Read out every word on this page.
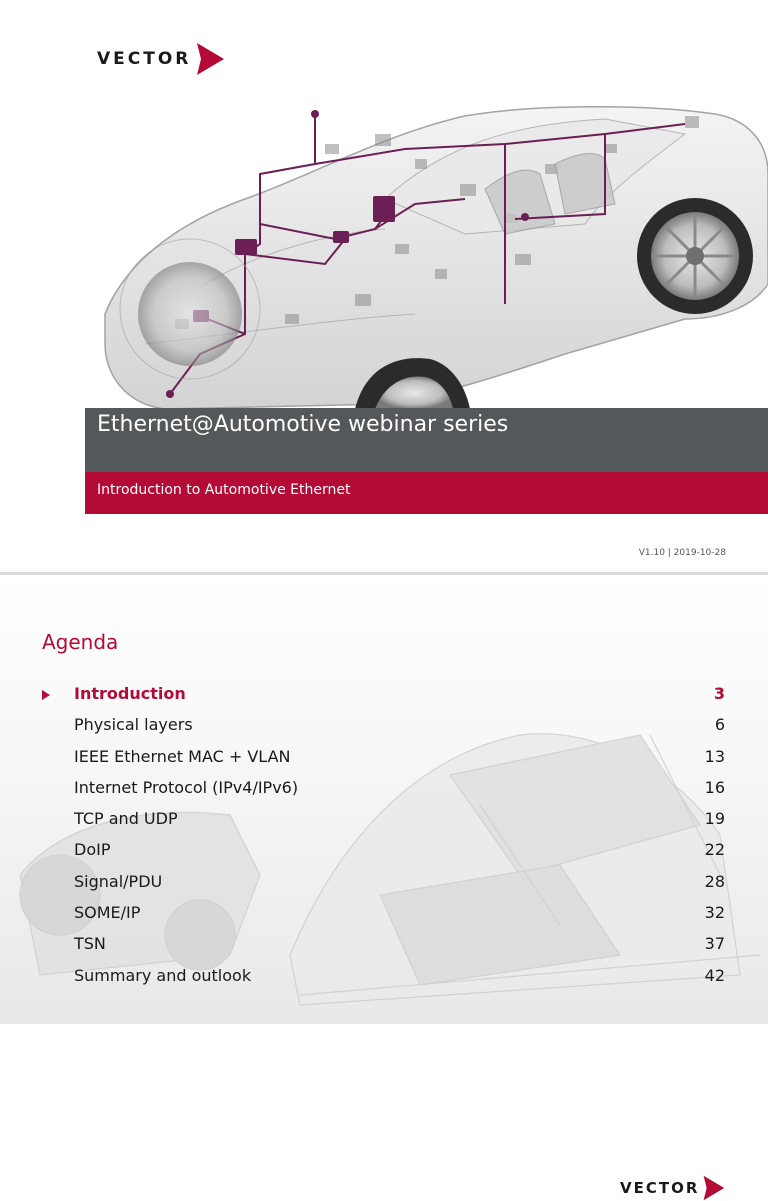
VECTOR
Ethernet@Automotive webinar series
Introduction to Automotive Ethernet
V1.10 | 2019-10-28
VECTOR
Agenda
Introduction	3
Physical layers	6
IEEE Ethernet MAC + VLAN	13
Internet Protocol (IPv4/IPv6)	16
TCP and UDP	19
DoIP	22
Signal/PDU	28
SOME/IP	32
TSN	37
Summary and outlook	42
